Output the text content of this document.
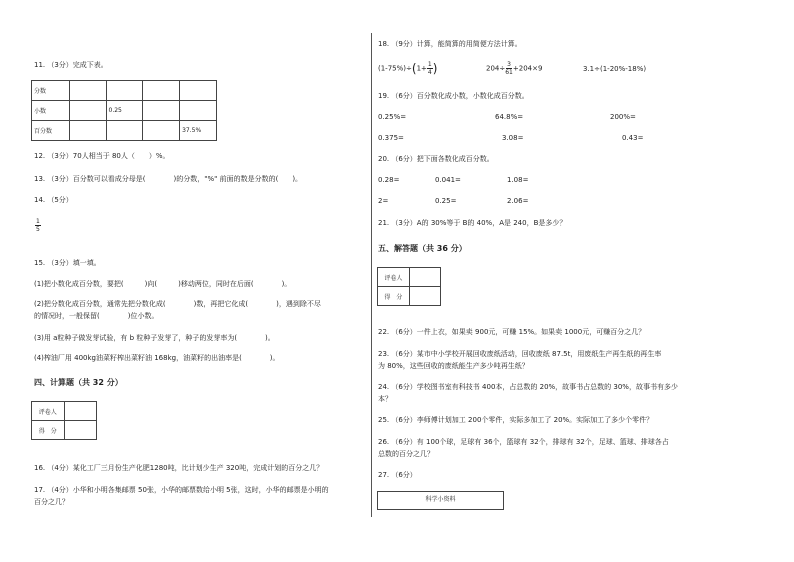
11. （3分）完成下表。
分数				
小数		0.25		
百分数				37.5%
12. （3分）70人相当于 80人（　　）%。
13. （3分）百分数可以看成分母是(　　　　)的分数，"%" 前面的数是分数的(　　)。
14. （5分）
$\frac{1}{5}$
15. （3分）填一填。
(1)把小数化成百分数，要把(　　　)向(　　　)移动两位，同时在后面(　　　　)。
(2)把分数化成百分数，通常先把分数化成(　　　　)数，再把它化成(　　　　)，遇到除不尽
的情况时，一般保留(　　　　)位小数。
(3)用 a粒种子做发芽试验，有 b 粒种子发芽了，种子的发芽率为(　　　　)。
(4)榨油厂用 400kg油菜籽榨出菜籽油 168kg，油菜籽的出油率是(　　　　)。
四、计算题（共 32 分）
评卷人	
得　分	
16. （4分）某化工厂三月份生产化肥1280吨，比计划少生产 320吨，完成计划的百分之几？
17. （4分）小华和小明各集邮票 50张，小华的邮票数给小明 5张，这时，小华的邮票是小明的
百分之几？
18. （9分）计算，能简算的用简便方法计算。
$(1-75\%)\div(1+ \frac{1}{4}$ )	$204\div \frac{3}{61} +204\times 9$	3.1÷(1-20%-18%)
19. （6分）百分数化成小数，小数化成百分数。
0.25%=	64.8%=	200%=
0.375=	3.08=	0.43=
20. （6分）把下面各数化成百分数。
0.28=	0.041=	1.08=
2=	0.25=	2.06=
21. （3分）A的 30%等于 B的 40%，A是 240，B是多少？
五、解答题（共 36 分）
评卷人	
得　分	
22. （6分）一件上衣，如果卖 900元，可赚 15%。如果卖 1000元，可赚百分之几？
23. （6分）某市中小学校开展回收废纸活动，回收废纸 87.5t，用废纸生产再生纸的再生率
为 80%，这些回收的废纸能生产多少吨再生纸？
24. （6分）学校图书室有科技书 400本，占总数的 20%，故事书占总数的 30%，故事书有多少
本？
25. （6分）李师傅计划加工 200个零件，实际多加工了 20%。实际加工了多少个零件？
26. （6分）有 100个球，足球有 36个，篮球有 32个，排球有 32个，足球、篮球、排球各占
总数的百分之几？
27. （6分）
科学小资料
